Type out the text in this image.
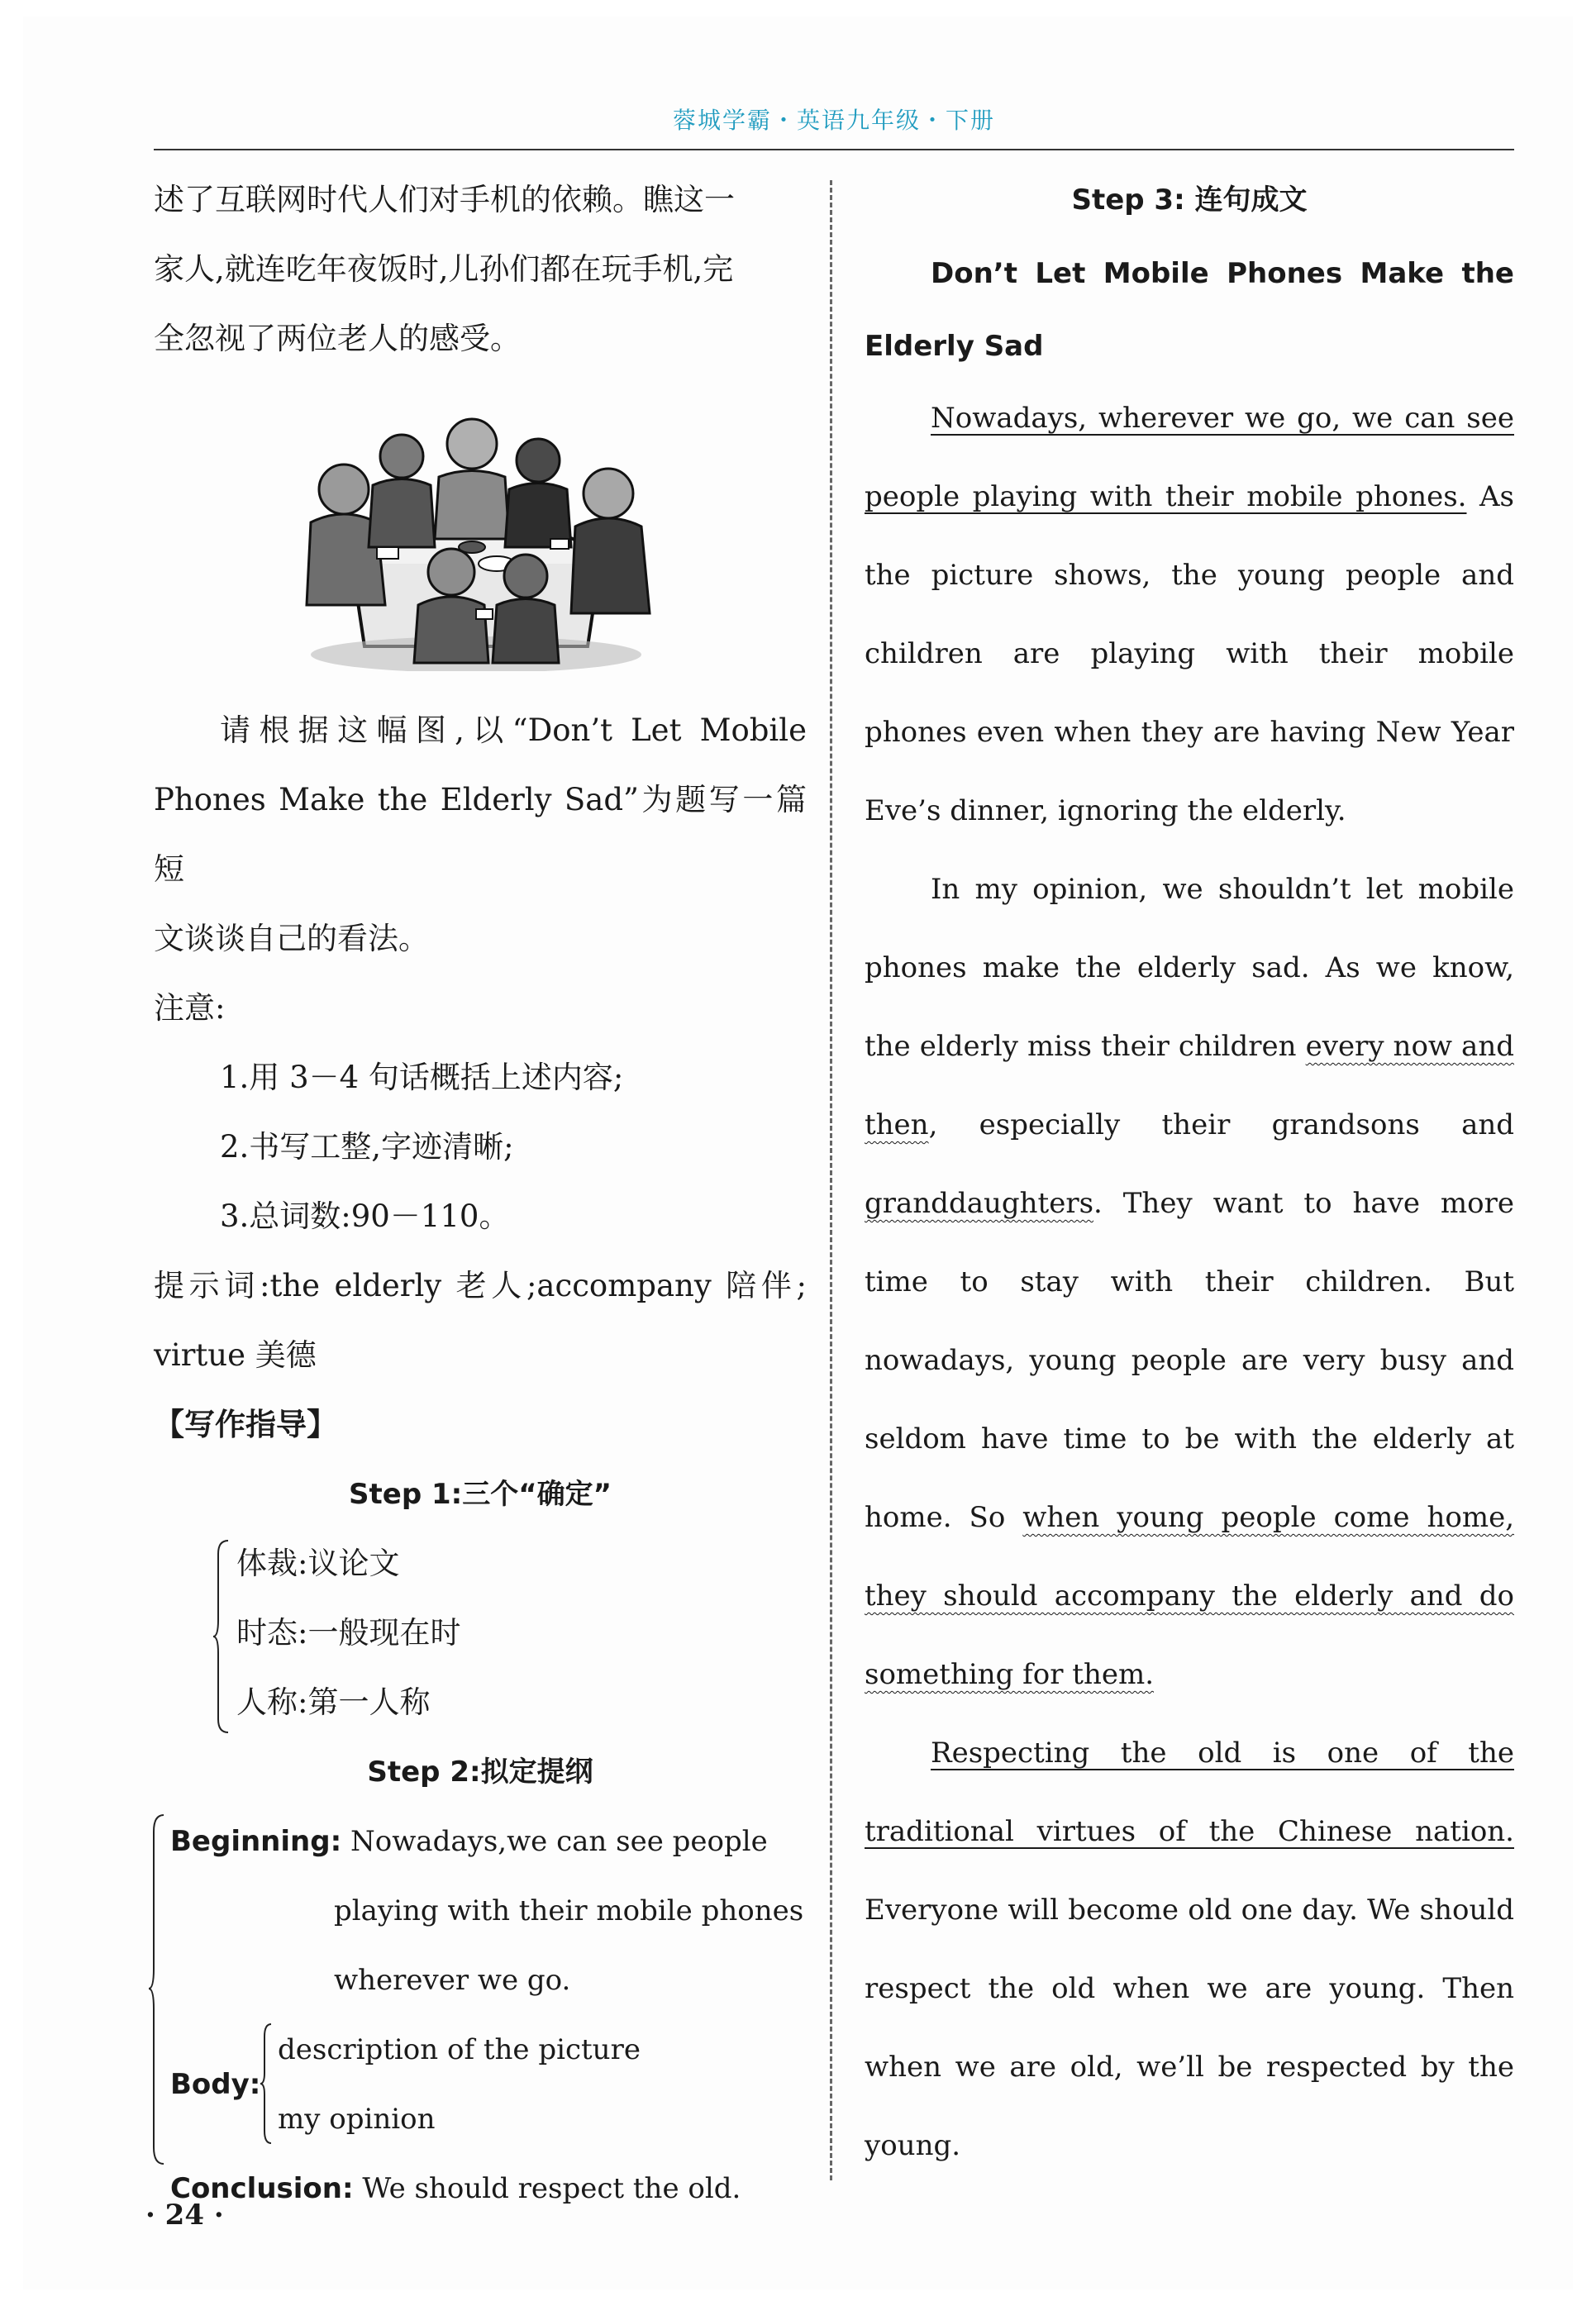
蓉城学霸・英语九年级・下册

述了互联网时代人们对手机的依赖。瞧这一

家人,就连吃年夜饭时,儿孙们都在玩手机,完

全忽视了两位老人的感受。

请根据这幅图,以“Don’t Let Mobile

Phones Make the Elderly Sad”为题写一篇短

文谈谈自己的看法。

注意:

1.用 3－4 句话概括上述内容;

2.书写工整,字迹清晰;

3.总词数:90－110。

提示词:the elderly 老人;accompany 陪伴;

virtue 美德

【写作指导】

Step 1:三个“确定”

体裁:议论文

时态:一般现在时

人称:第一人称

Step 2:拟定提纲

Beginning: Nowadays,we can see people
playing with their mobile phones
wherever we go.
Body:
description of the picture
my opinion
Conclusion: We should respect the old.

Step 3: 连句成文

Don’t Let Mobile Phones Make the

Elderly Sad

Nowadays, wherever we go, we can see people playing with their mobile phones. As the picture shows, the young people and children are playing with their mobile phones even when they are having New Year Eve’s dinner, ignoring the elderly.

In my opinion, we shouldn’t let mobile phones make the elderly sad. As we know, the elderly miss their children every now and then, especially their grandsons and granddaughters. They want to have more time to stay with their children. But nowadays, young people are very busy and seldom have time to be with the elderly at home. So when young people come home, they should accompany the elderly and do something for them.

Respecting the old is one of the traditional virtues of the Chinese nation. Everyone will become old one day. We should respect the old when we are young. Then when we are old, we’ll be respected by the young.

· 24 ·
